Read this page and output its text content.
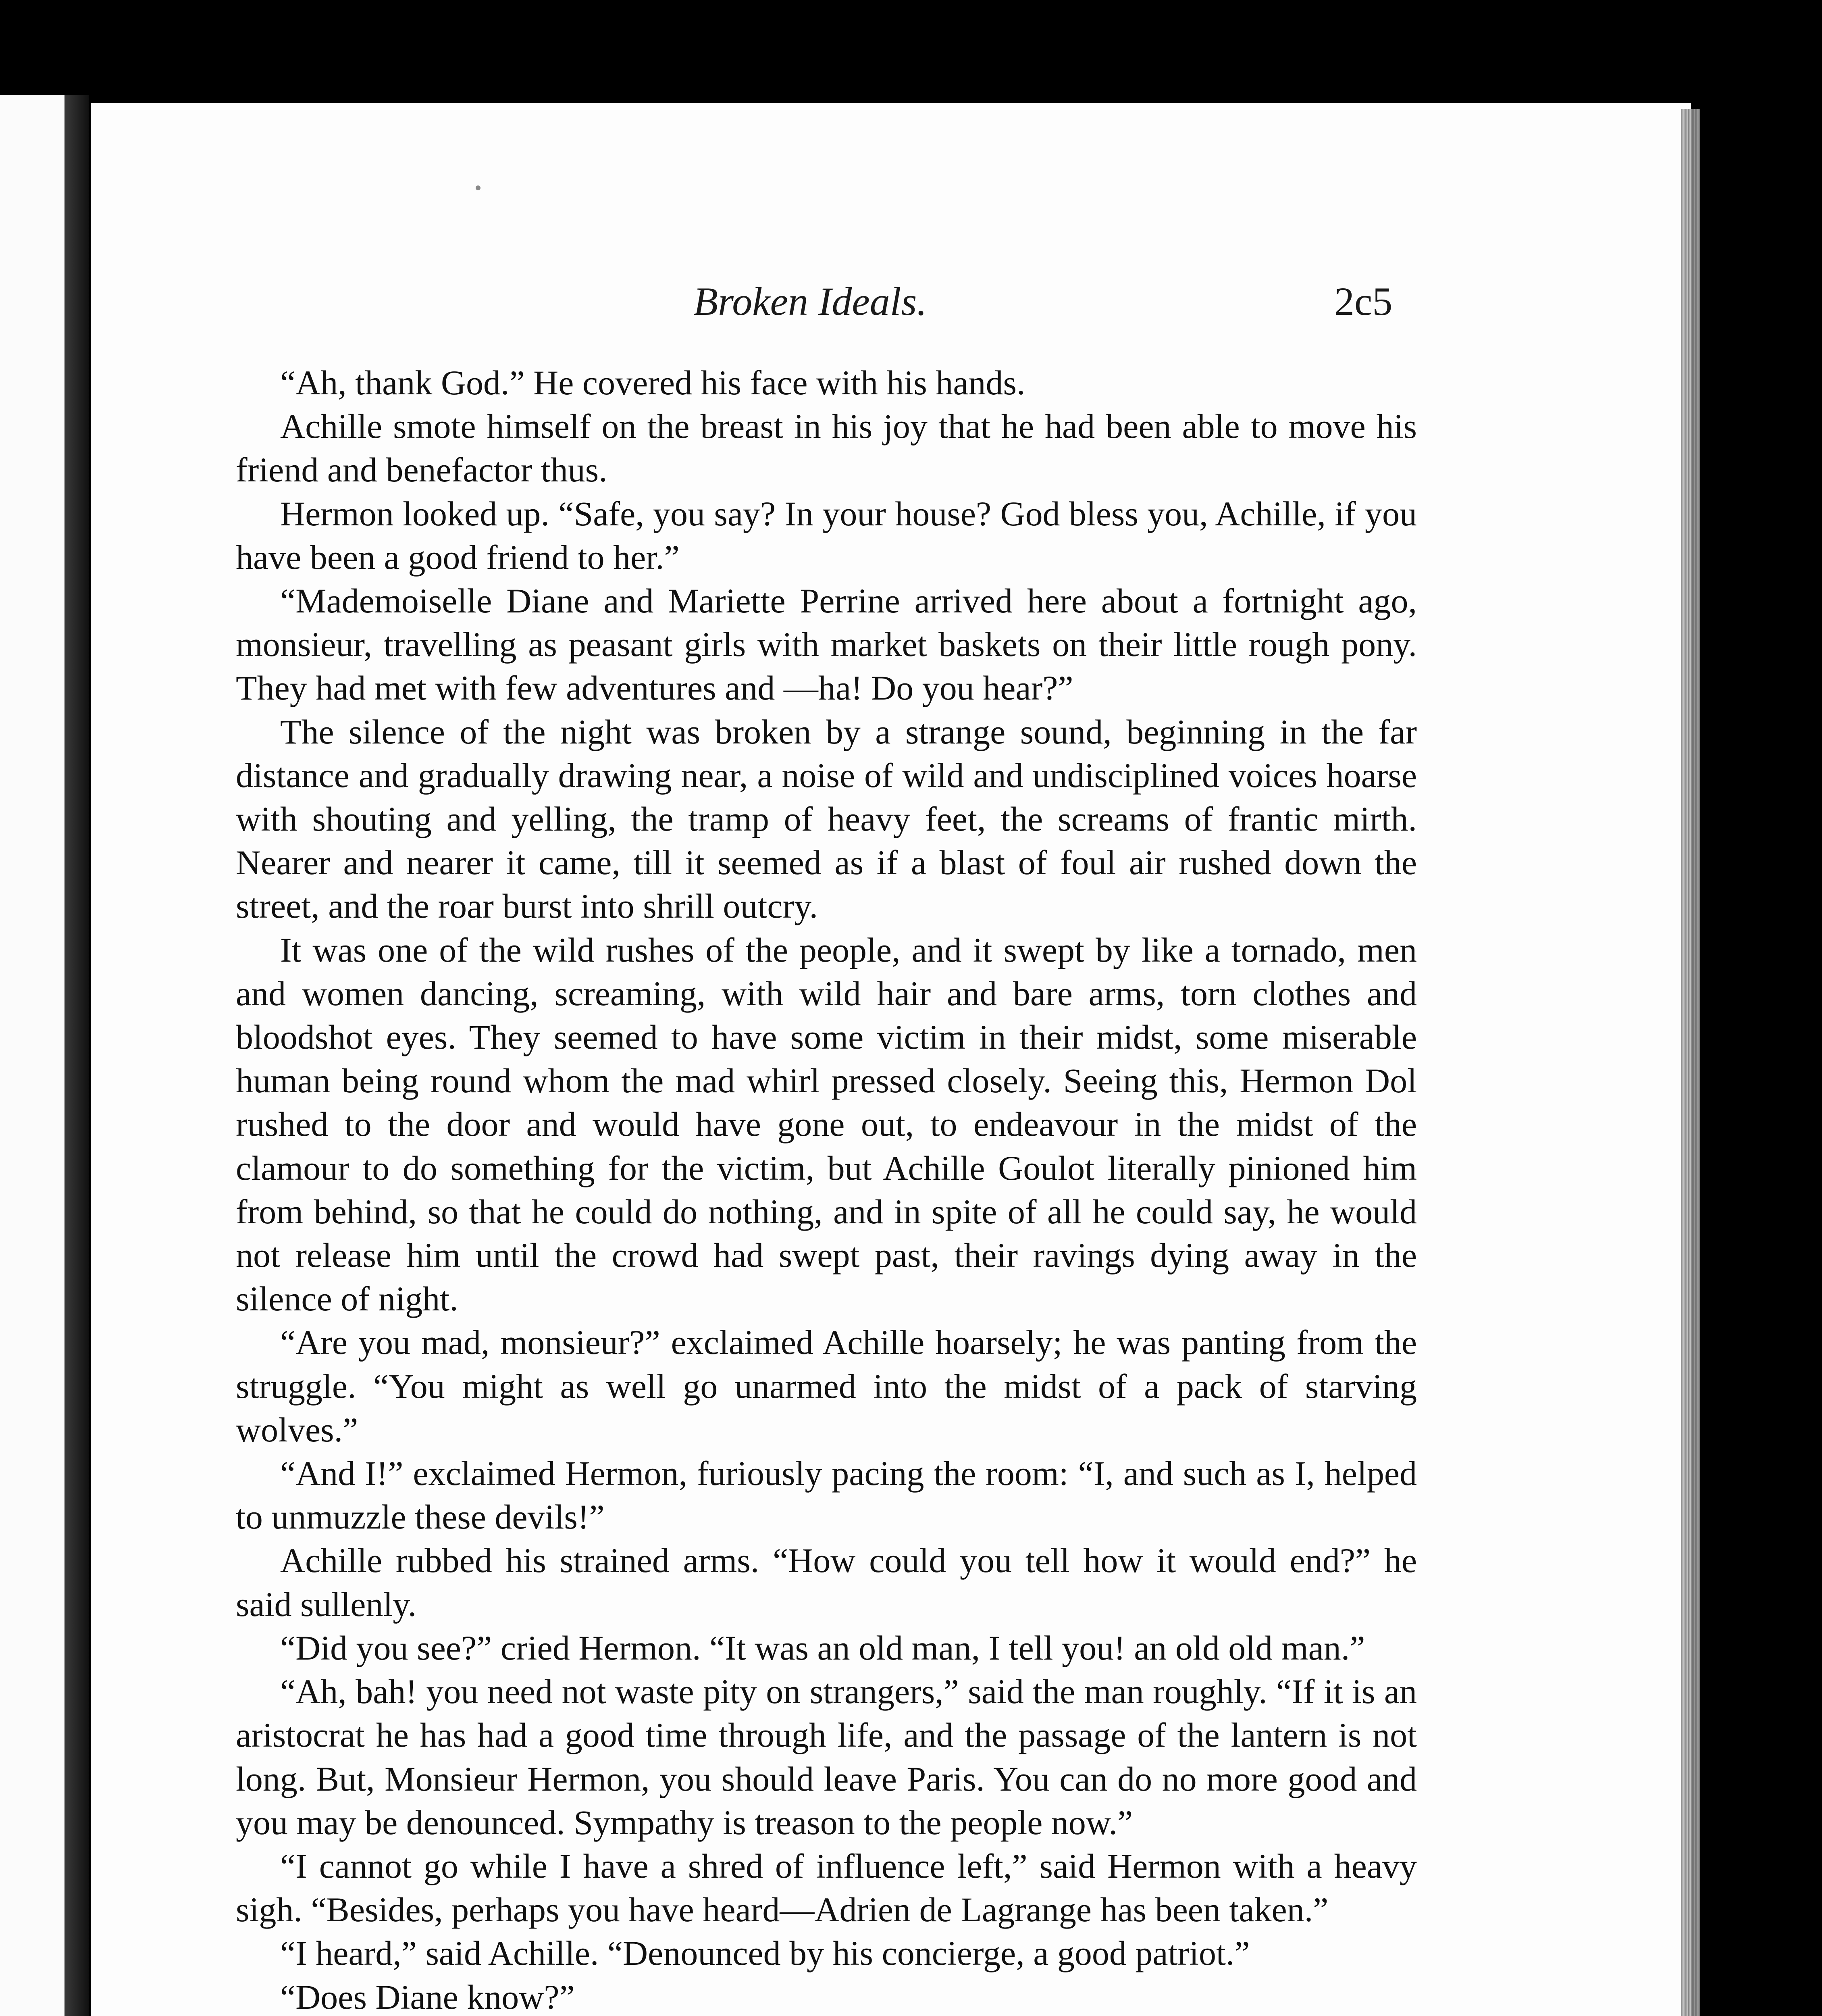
Broken Ideals.	2c5

“Ah, thank God.” He covered his face with his hands.

Achille smote himself on the breast in his joy that he had been able to move his friend and benefactor thus.

Hermon looked up. “Safe, you say? In your house? God bless you, Achille, if you have been a good friend to her.”

“Mademoiselle Diane and Mariette Perrine arrived here about a fortnight ago, monsieur, travelling as peasant girls with market baskets on their little rough pony. They had met with few adventures and —ha! Do you hear?”

The silence of the night was broken by a strange sound, beginning in the far distance and gradually drawing near, a noise of wild and undisciplined voices hoarse with shouting and yelling, the tramp of heavy feet, the screams of frantic mirth. Nearer and nearer it came, till it seemed as if a blast of foul air rushed down the street, and the roar burst into shrill outcry.

It was one of the wild rushes of the people, and it swept by like a tornado, men and women dancing, screaming, with wild hair and bare arms, torn clothes and bloodshot eyes. They seemed to have some victim in their midst, some miserable human being round whom the mad whirl pressed closely. Seeing this, Hermon Dol rushed to the door and would have gone out, to endeavour in the midst of the clamour to do something for the victim, but Achille Goulot literally pinioned him from behind, so that he could do nothing, and in spite of all he could say, he would not release him until the crowd had swept past, their ravings dying away in the silence of night.

“Are you mad, monsieur?” exclaimed Achille hoarsely; he was panting from the struggle. “You might as well go unarmed into the midst of a pack of starving wolves.”

“And I!” exclaimed Hermon, furiously pacing the room: “I, and such as I, helped to unmuzzle these devils!”

Achille rubbed his strained arms. “How could you tell how it would end?” he said sullenly.

“Did you see?” cried Hermon. “It was an old man, I tell you! an old old man.”

“Ah, bah! you need not waste pity on strangers,” said the man roughly. “If it is an aristocrat he has had a good time through life, and the passage of the lantern is not long. But, Monsieur Hermon, you should leave Paris. You can do no more good and you may be denounced. Sympathy is treason to the people now.”

“I cannot go while I have a shred of influence left,” said Hermon with a heavy sigh. “Besides, perhaps you have heard—Adrien de Lagrange has been taken.”

“I heard,” said Achille. “Denounced by his concierge, a good patriot.”

“Does Diane know?”
